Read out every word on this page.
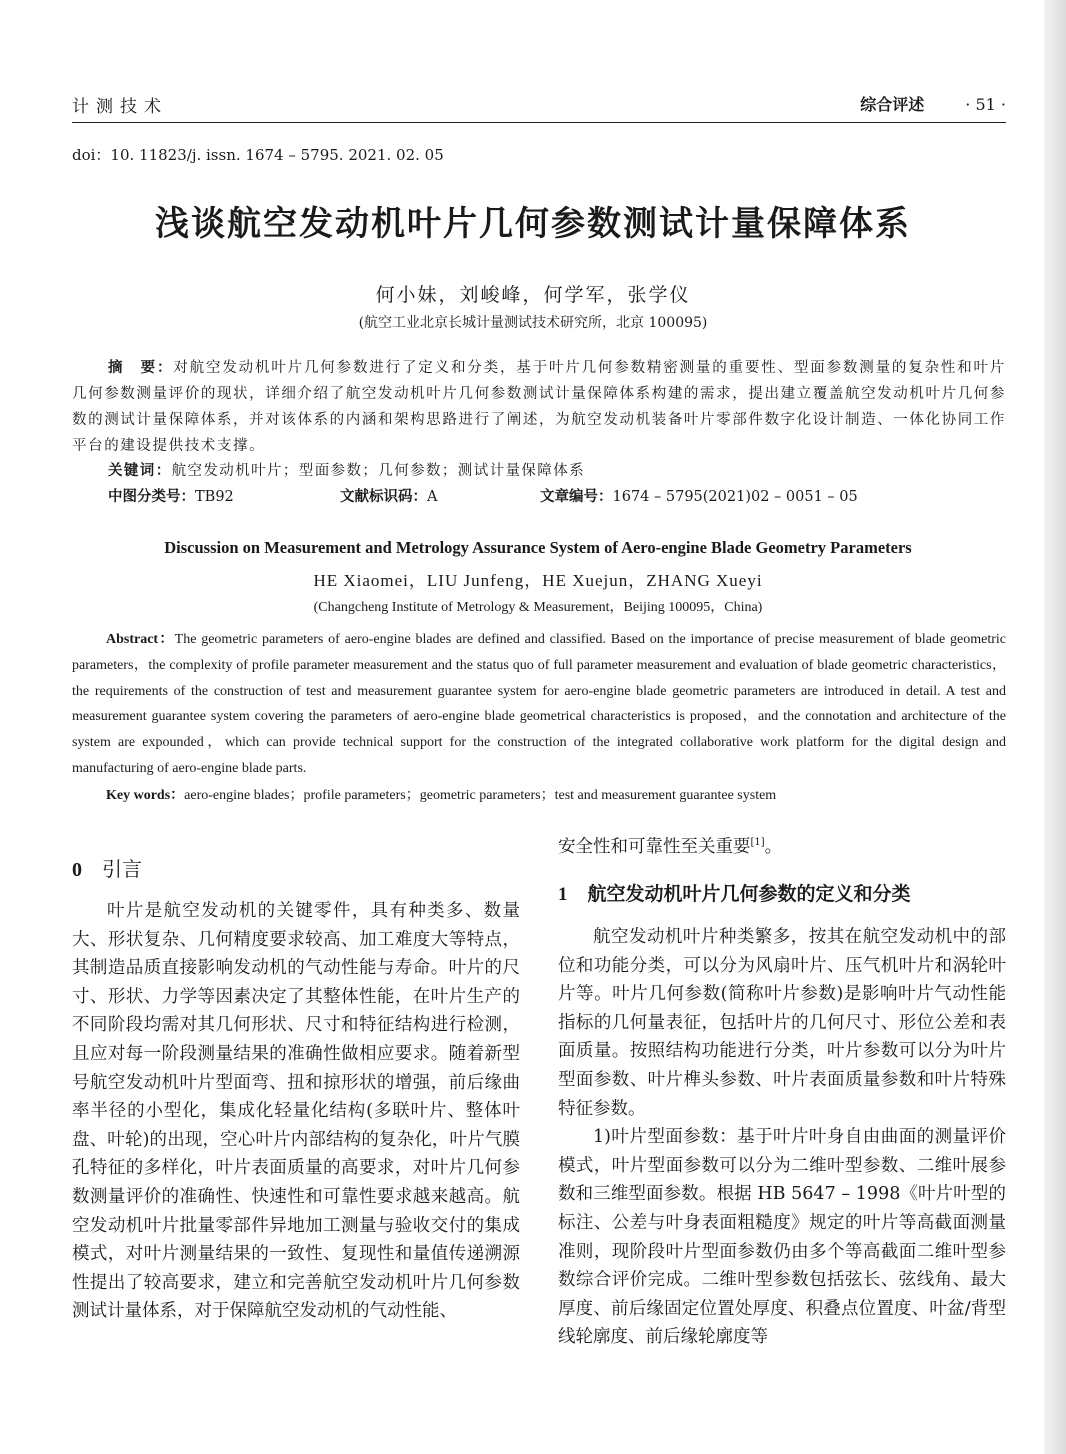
计测技术	综合评述	· 51 ·
doi：10. 11823/j. issn. 1674 – 5795. 2021. 02. 05
浅谈航空发动机叶片几何参数测试计量保障体系
何小妹，刘峻峰，何学军，张学仪
(航空工业北京长城计量测试技术研究所，北京 100095)
摘　要：对航空发动机叶片几何参数进行了定义和分类，基于叶片几何参数精密测量的重要性、型面参数测量的复杂性和叶片几何参数测量评价的现状，详细介绍了航空发动机叶片几何参数测试计量保障体系构建的需求，提出建立覆盖航空发动机叶片几何参数的测试计量保障体系，并对该体系的内涵和架构思路进行了阐述，为航空发动机装备叶片零部件数字化设计制造、一体化协同工作平台的建设提供技术支撑。
关键词：航空发动机叶片；型面参数；几何参数；测试计量保障体系
中图分类号：TB92	文献标识码：A	文章编号：1674 – 5795(2021)02 – 0051 – 05
Discussion on Measurement and Metrology Assurance System of Aero-engine Blade Geometry Parameters
HE Xiaomei，LIU Junfeng，HE Xuejun，ZHANG Xueyi
(Changcheng Institute of Metrology & Measurement，Beijing 100095，China)
Abstract：The geometric parameters of aero-engine blades are defined and classified. Based on the importance of precise measurement of blade geometric parameters，the complexity of profile parameter measurement and the status quo of full parameter measurement and evaluation of blade geometric characteristics，the requirements of the construction of test and measurement guarantee system for aero-engine blade geometric parameters are introduced in detail. A test and measurement guarantee system covering the parameters of aero-engine blade geometrical characteristics is proposed，and the connotation and architecture of the system are expounded，which can provide technical support for the construction of the integrated collaborative work platform for the digital design and manufacturing of aero-engine blade parts.
Key words：aero-engine blades；profile parameters；geometric parameters；test and measurement guarantee system
0 引言

叶片是航空发动机的关键零件，具有种类多、数量大、形状复杂、几何精度要求较高、加工难度大等特点，其制造品质直接影响发动机的气动性能与寿命。叶片的尺寸、形状、力学等因素决定了其整体性能，在叶片生产的不同阶段均需对其几何形状、尺寸和特征结构进行检测，且应对每一阶段测量结果的准确性做相应要求。随着新型号航空发动机叶片型面弯、扭和掠形状的增强，前后缘曲率半径的小型化，集成化轻量化结构(多联叶片、整体叶盘、叶轮)的出现，空心叶片内部结构的复杂化，叶片气膜孔特征的多样化，叶片表面质量的高要求，对叶片几何参数测量评价的准确性、快速性和可靠性要求越来越高。航空发动机叶片批量零部件异地加工测量与验收交付的集成模式，对叶片测量结果的一致性、复现性和量值传递溯源性提出了较高要求，建立和完善航空发动机叶片几何参数测试计量体系，对于保障航空发动机的气动性能、

安全性和可靠性至关重要[1]。

1 航空发动机叶片几何参数的定义和分类

航空发动机叶片种类繁多，按其在航空发动机中的部位和功能分类，可以分为风扇叶片、压气机叶片和涡轮叶片等。叶片几何参数(简称叶片参数)是影响叶片气动性能指标的几何量表征，包括叶片的几何尺寸、形位公差和表面质量。按照结构功能进行分类，叶片参数可以分为叶片型面参数、叶片榫头参数、叶片表面质量参数和叶片特殊特征参数。

1)叶片型面参数：基于叶片叶身自由曲面的测量评价模式，叶片型面参数可以分为二维叶型参数、二维叶展参数和三维型面参数。根据 HB 5647 – 1998《叶片叶型的标注、公差与叶身表面粗糙度》规定的叶片等高截面测量准则，现阶段叶片型面参数仍由多个等高截面二维叶型参数综合评价完成。二维叶型参数包括弦长、弦线角、最大厚度、前后缘固定位置处厚度、积叠点位置度、叶盆/背型线轮廓度、前后缘轮廓度等
